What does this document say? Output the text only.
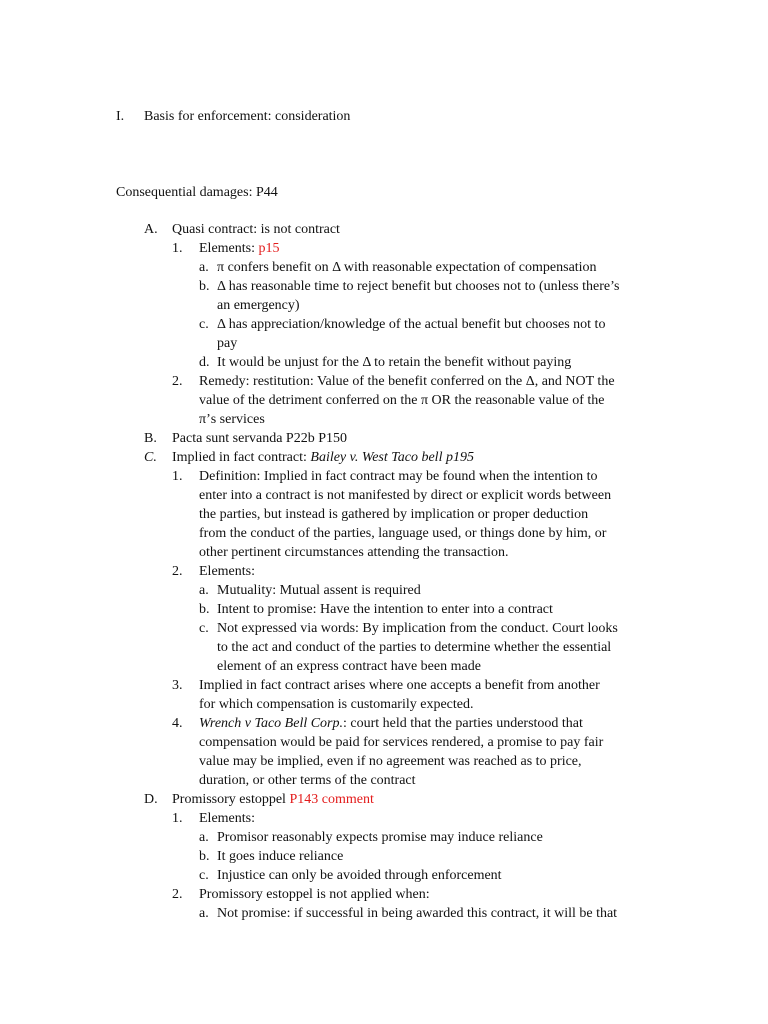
I. Basis for enforcement: consideration
Consequential damages: P44
A. Quasi contract: is not contract
1. Elements: p15
a. π confers benefit on Δ with reasonable expectation of compensation
b. Δ has reasonable time to reject benefit but chooses not to (unless there’s
an emergency)
c. Δ has appreciation/knowledge of the actual benefit but chooses not to
pay
d. It would be unjust for the Δ to retain the benefit without paying
2. Remedy: restitution: Value of the benefit conferred on the Δ, and NOT the
value of the detriment conferred on the π OR the reasonable value of the
π’s services
B. Pacta sunt servanda P22b P150
C. Implied in fact contract: Bailey v. West Taco bell p195
1. Definition: Implied in fact contract may be found when the intention to
enter into a contract is not manifested by direct or explicit words between
the parties, but instead is gathered by implication or proper deduction
from the conduct of the parties, language used, or things done by him, or
other pertinent circumstances attending the transaction.
2. Elements:
a. Mutuality: Mutual assent is required
b. Intent to promise: Have the intention to enter into a contract
c. Not expressed via words: By implication from the conduct. Court looks
to the act and conduct of the parties to determine whether the essential
element of an express contract have been made
3. Implied in fact contract arises where one accepts a benefit from another
for which compensation is customarily expected.
4. Wrench v Taco Bell Corp.: court held that the parties understood that
compensation would be paid for services rendered, a promise to pay fair
value may be implied, even if no agreement was reached as to price,
duration, or other terms of the contract
D. Promissory estoppel P143 comment
1. Elements:
a. Promisor reasonably expects promise may induce reliance
b. It goes induce reliance
c. Injustice can only be avoided through enforcement
2. Promissory estoppel is not applied when:
a. Not promise: if successful in being awarded this contract, it will be that
